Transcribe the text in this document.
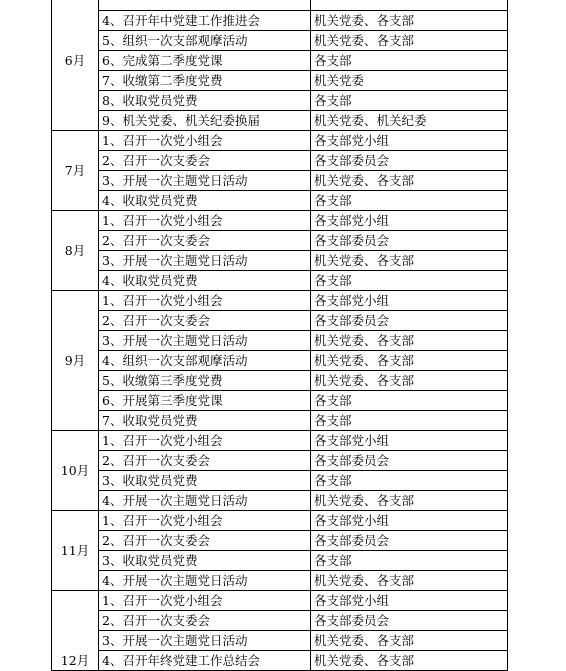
6月		
	4、召开年中党建工作推进会	机关党委、各支部
	5、组织一次支部观摩活动	机关党委、各支部
	6、完成第二季度党课	各支部
	7、收缴第二季度党费	机关党委
	8、收取党员党费	各支部
	9、机关党委、机关纪委换届	机关党委、机关纪委
7月	1、召开一次党小组会	各支部党小组
	2、召开一次支委会	各支部委员会
	3、开展一次主题党日活动	机关党委、各支部
	4、收取党员党费	各支部
8月	1、召开一次党小组会	各支部党小组
	2、召开一次支委会	各支部委员会
	3、开展一次主题党日活动	机关党委、各支部
	4、收取党员党费	各支部
9月	1、召开一次党小组会	各支部党小组
	2、召开一次支委会	各支部委员会
	3、开展一次主题党日活动	机关党委、各支部
	4、组织一次支部观摩活动	机关党委、各支部
	5、收缴第三季度党费	机关党委、各支部
	6、开展第三季度党课	各支部
	7、收取党员党费	各支部
10月	1、召开一次党小组会	各支部党小组
	2、召开一次支委会	各支部委员会
	3、收取党员党费	各支部
	4、开展一次主题党日活动	机关党委、各支部
11月	1、召开一次党小组会	各支部党小组
	2、召开一次支委会	各支部委员会
	3、收取党员党费	各支部
	4、开展一次主题党日活动	机关党委、各支部
12月	1、召开一次党小组会	各支部党小组
	2、召开一次支委会	各支部委员会
	3、开展一次主题党日活动	机关党委、各支部
	4、召开年终党建工作总结会	机关党委、各支部
